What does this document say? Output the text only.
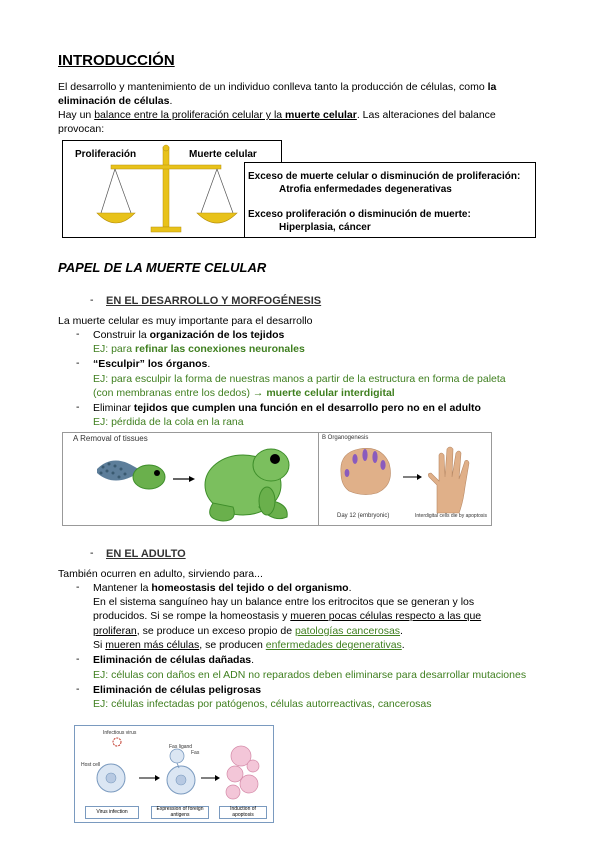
INTRODUCCIÓN
El desarrollo y mantenimiento de un individuo conlleva tanto la producción de células, como la
eliminación de células.
Hay un balance entre la proliferación celular y la muerte celular. Las alteraciones del balance
provocan:
Proliferación	Muerte celular
Exceso de muerte celular o disminución de proliferación:
Atrofia enfermedades degenerativas
Exceso proliferación o disminución de muerte:
Hiperplasia, cáncer
PAPEL DE LA MUERTE CELULAR
- EN EL DESARROLLO Y MORFOGÉNESIS
La muerte celular es muy importante para el desarrollo
- Construir la organización de los tejidos
EJ: para refinar las conexiones neuronales
- “Esculpir” los órganos.
EJ: para esculpir la forma de nuestras manos a partir de la estructura en forma de paleta
(con membranas entre los dedos) → muerte celular interdigital
- Eliminar tejidos que cumplen una función en el desarrollo pero no en el adulto
EJ: pérdida de la cola en la rana
A Removal of tissues	B Organogenesis
Day 12 (embryonic)	Interdigital cells die by apoptosis
- EN EL ADULTO
También ocurren en adulto, sirviendo para...
- Mantener la homeostasis del tejido o del organismo.
En el sistema sanguíneo hay un balance entre los eritrocitos que se generan y los
producidos. Si se rompe la homeostasis y mueren pocas células respecto a las que
proliferan, se produce un exceso propio de patologías cancerosas.
Si mueren más células, se producen enfermedades degenerativas.
- Eliminación de células dañadas.
EJ: células con daños en el ADN no reparados deben eliminarse para desarrollar mutaciones
- Eliminación de células peligrosas
EJ: células infectadas por patógenos, células autorreactivas, cancerosas
Infectious virus
Fas ligand
Fas
Host cell
Virus infection	Expression of foreign antigens
Induction of apoptosis
